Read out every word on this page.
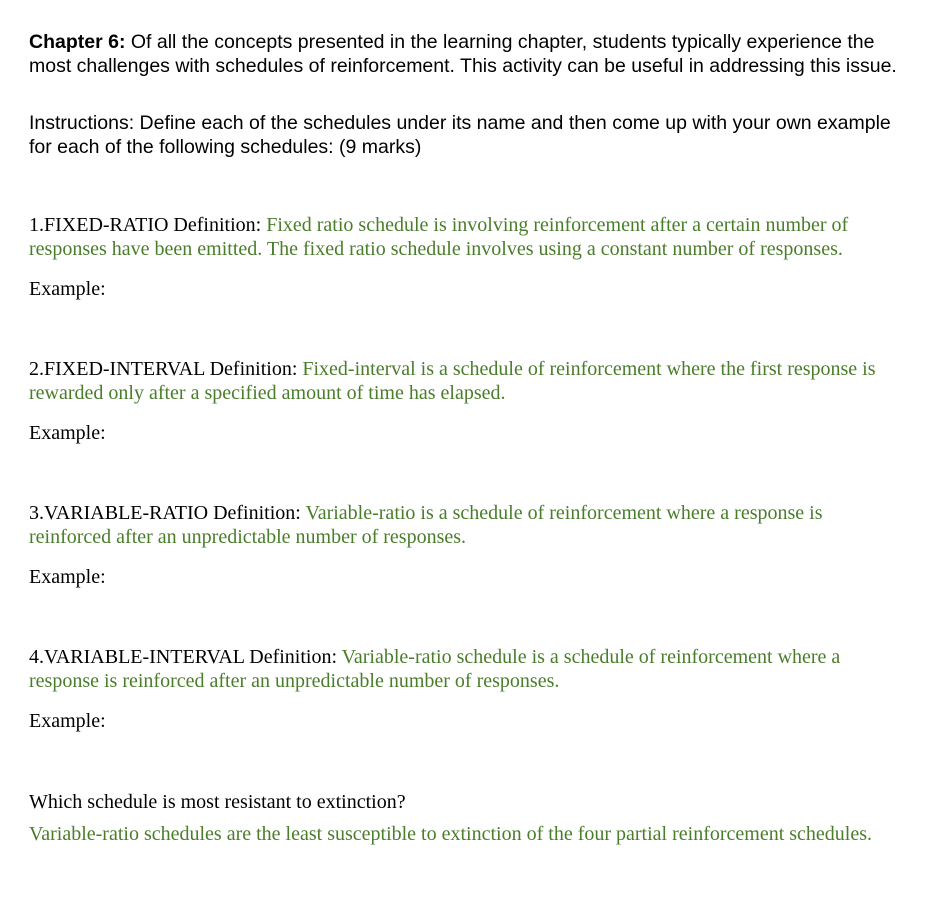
Chapter 6: Of all the concepts presented in the learning chapter, students typically experience the most challenges with schedules of reinforcement. This activity can be useful in addressing this issue.

Instructions: Define each of the schedules under its name and then come up with your own example for each of the following schedules: (9 marks)

1.FIXED-RATIO Definition: Fixed ratio schedule is involving reinforcement after a certain number of responses have been emitted. The fixed ratio schedule involves using a constant number of responses.

Example:

2.FIXED-INTERVAL Definition: Fixed-interval is a schedule of reinforcement where the first response is rewarded only after a specified amount of time has elapsed.

Example:

3.VARIABLE-RATIO Definition: Variable-ratio is a schedule of reinforcement where a response is reinforced after an unpredictable number of responses.

Example:

4.VARIABLE-INTERVAL Definition: Variable-ratio schedule is a schedule of reinforcement where a response is reinforced after an unpredictable number of responses.

Example:

Which schedule is most resistant to extinction?

Variable-ratio schedules are the least susceptible to extinction of the four partial reinforcement schedules.
